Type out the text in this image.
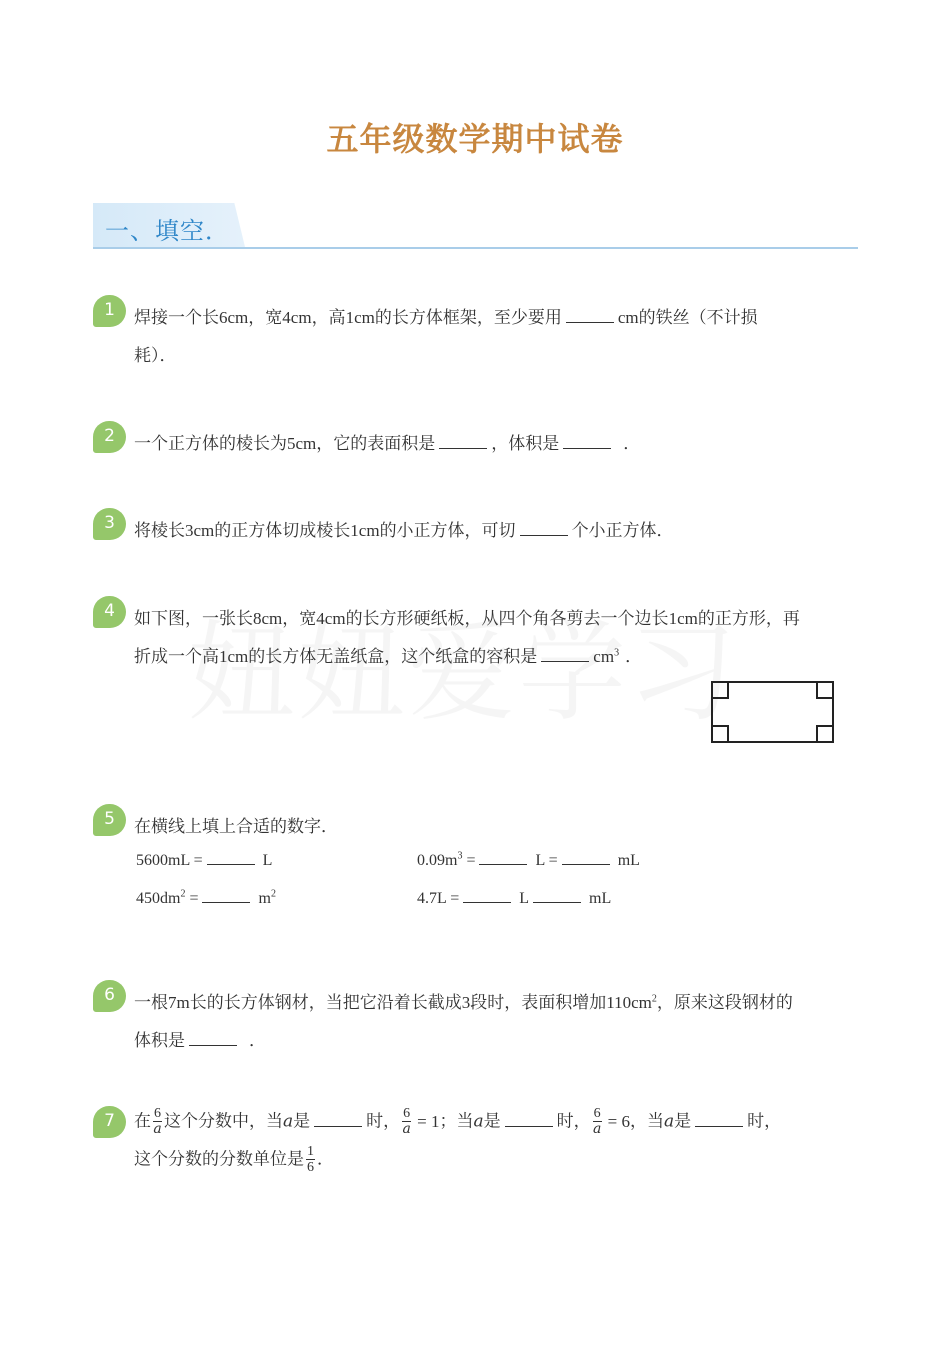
五年级数学期中试卷
一、填空．
1	焊接一个长6cm，宽4cm，高1cm的长方体框架，至少要用	cm的铁丝（不计损
耗）．
2	一个正方体的棱长为5cm，它的表面积是	，体积是	．
3	将棱长3cm的正方体切成棱长1cm的小正方体，可切	个小正方体．
4	如下图，一张长8cm，宽4cm的长方形硬纸板，从四个角各剪去一个边长1cm的正方形，再
折成一个高1cm的长方体无盖纸盒，这个纸盒的容积是	$cm^3$ ．
5	在横线上填上合适的数字．
5600mL =	L	$0.09m^3$ =	L =	mL
$450dm^2$ =	$m^2$	4.7L =	L	mL
6	一根7m长的长方体钢材，当把它沿着长截成3段时，表面积增加$110cm^2$，原来这段钢材的
体积是	．
7	在 $\frac{6}{a}$ 这个分数中，当a是	时， $\frac{6}{a} = 1$；当a是	时， $\frac{6}{a} = 6$，当a是	时，
这个分数的分数单位是 $\frac{1}{6}$ ．
